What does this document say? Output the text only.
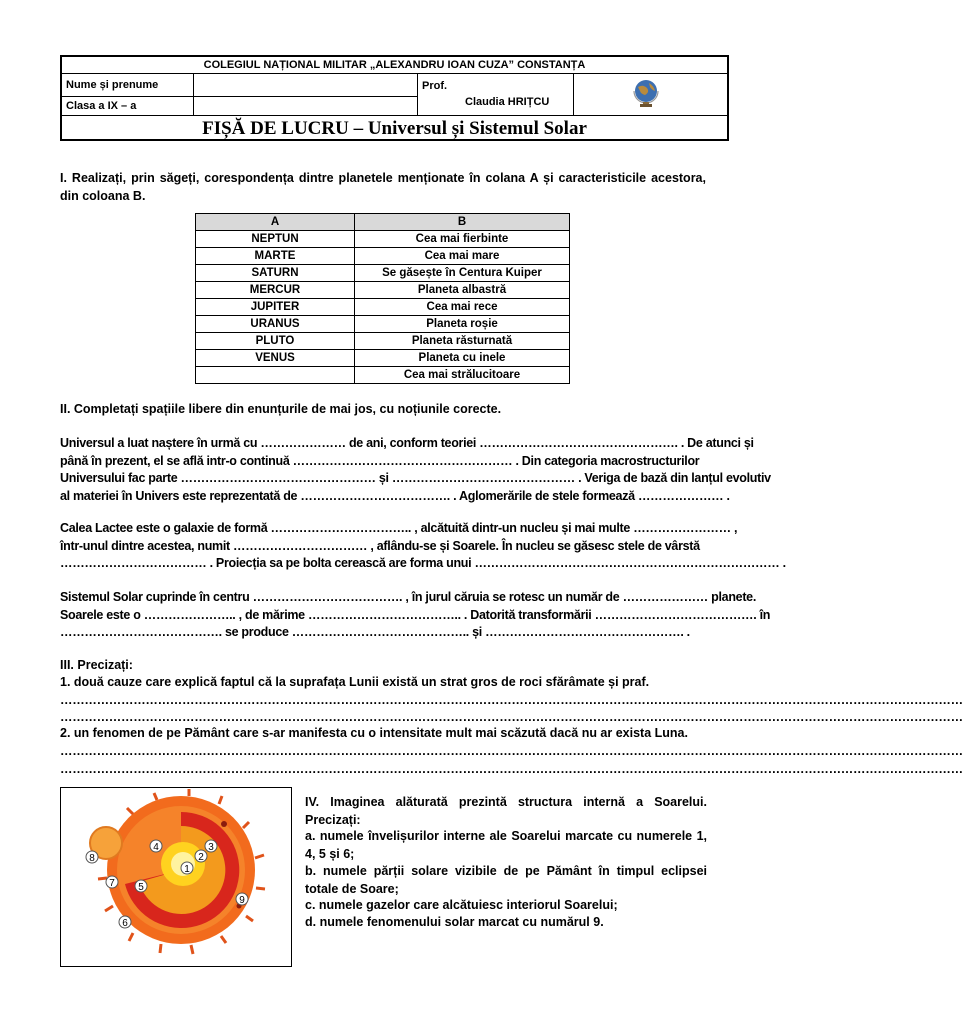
COLEGIUL NAȚIONAL MILITAR „ALEXANDRU IOAN CUZA” CONSTANȚA
Nume și prenume
Clasa a IX – a
Prof.
Claudia HRIȚCU
FIȘĂ DE LUCRU – Universul și Sistemul Solar
I. Realizați, prin săgeți, corespondența dintre planetele menționate în colana A și caracteristicile acestora, din coloana B.
A	B
NEPTUN	Cea mai fierbinte
MARTE	Cea mai mare
SATURN	Se găsește în Centura Kuiper
MERCUR	Planeta albastră
JUPITER	Cea mai rece
URANUS	Planeta roșie
PLUTO	Planeta răsturnată
VENUS	Planeta cu inele
	Cea mai strălucitoare
II. Completați spațiile libere din enunțurile de mai jos, cu noțiunile corecte.
Universul a luat naștere în urmă cu ………………… de ani, conform teoriei …………………………………………. . De atunci și
până în prezent, el se află intr-o continuă ……………………………………………… . Din categoria macrostructurilor
Universului fac parte ………………………………………… și ……………………………………… . Veriga de bază din lanțul evolutiv
al materiei în Univers este reprezentată de ………………………………. . Aglomerările de stele formează ………………… .
Calea Lactee este o galaxie de formă …………………………….. , alcătuită dintr-un nucleu și mai multe …………………… ,
într-unul dintre acestea, numit …………………………… , aflându-se și Soarele. În nucleu se găsesc stele de vârstă
……………………………… . Proiecția sa pe bolta cerească are forma unui ………………………………………………………………… .
Sistemul Solar cuprinde în centru ………………………………. , în jurul căruia se rotesc un număr de ………………… planete.
Soarele este o ………………….. , de mărime ……………………………….. . Datorită transformării …………………………………. în
…………………………………. se produce …………………………………….. și …………………………………………. .
III. Precizați:
1. două cauze care explică faptul că la suprafața Lunii există un strat gros de roci sfărâmate și praf.
……………………………………………………………………………………………………………………………………………………………………………………………………
……………………………………………………………………………………………………………………………………………………………………………………………………
2. un fenomen de pe Pământ care s-ar manifesta cu o intensitate mult mai scăzută dacă nu ar exista Luna.
……………………………………………………………………………………………………………………………………………………………………………………………………
……………………………………………………………………………………………………………………………………………………………………………………………………
1
2
3
4
5
6
7
8
9
IV. Imaginea alăturată prezintă structura internă a Soarelui. Precizați:
a. numele învelișurilor interne ale Soarelui marcate cu numerele 1, 4, 5 și 6;
b. numele părții solare vizibile de pe Pământ în timpul eclipsei totale de Soare;
c. numele gazelor care alcătuiesc interiorul Soarelui;
d. numele fenomenului solar marcat cu numărul 9.
